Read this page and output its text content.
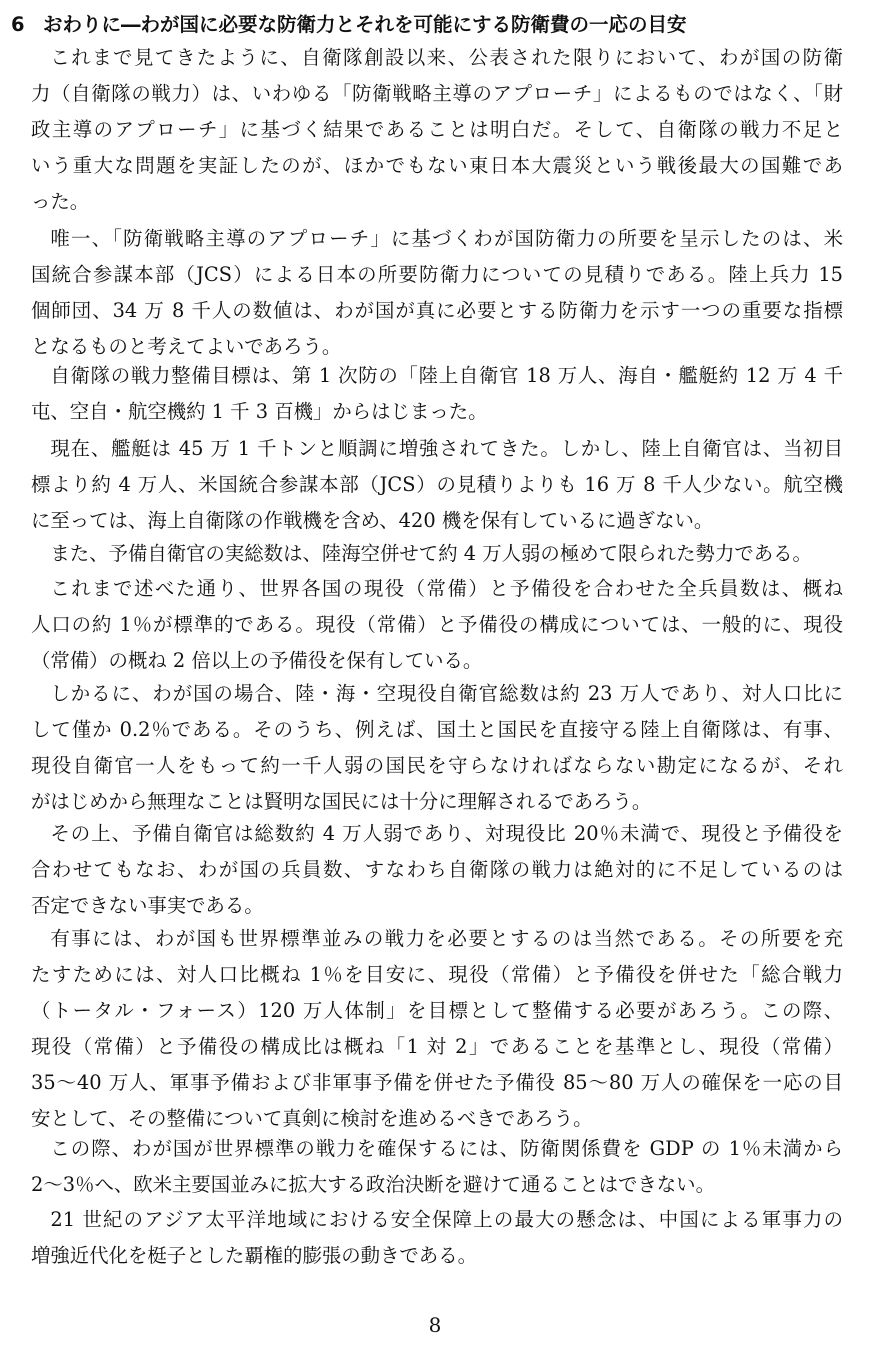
6 おわりに―わが国に必要な防衛力とそれを可能にする防衛費の一応の目安
これまで見てきたように、自衛隊創設以来、公表された限りにおいて、わが国の防衛
力（自衛隊の戦力）は、いわゆる「防衛戦略主導のアプローチ」によるものではなく、「財
政主導のアプローチ」に基づく結果であることは明白だ。そして、自衛隊の戦力不足と
いう重大な問題を実証したのが、ほかでもない東日本大震災という戦後最大の国難であ
った。
唯一、「防衛戦略主導のアプローチ」に基づくわが国防衛力の所要を呈示したのは、米
国統合参謀本部（JCS）による日本の所要防衛力についての見積りである。陸上兵力 15
個師団、34 万 8 千人の数値は、わが国が真に必要とする防衛力を示す一つの重要な指標
となるものと考えてよいであろう。
自衛隊の戦力整備目標は、第 1 次防の「陸上自衛官 18 万人、海自・艦艇約 12 万 4 千
屯、空自・航空機約 1 千 3 百機」からはじまった。
現在、艦艇は 45 万 1 千トンと順調に増強されてきた。しかし、陸上自衛官は、当初目
標より約 4 万人、米国統合参謀本部（JCS）の見積りよりも 16 万 8 千人少ない。航空機
に至っては、海上自衛隊の作戦機を含め、420 機を保有しているに過ぎない。
また、予備自衛官の実総数は、陸海空併せて約 4 万人弱の極めて限られた勢力である。
これまで述べた通り、世界各国の現役（常備）と予備役を合わせた全兵員数は、概ね
人口の約 1％が標準的である。現役（常備）と予備役の構成については、一般的に、現役
（常備）の概ね 2 倍以上の予備役を保有している。
しかるに、わが国の場合、陸・海・空現役自衛官総数は約 23 万人であり、対人口比に
して僅か 0.2％である。そのうち、例えば、国土と国民を直接守る陸上自衛隊は、有事、
現役自衛官一人をもって約一千人弱の国民を守らなければならない勘定になるが、それ
がはじめから無理なことは賢明な国民には十分に理解されるであろう。
その上、予備自衛官は総数約 4 万人弱であり、対現役比 20％未満で、現役と予備役を
合わせてもなお、わが国の兵員数、すなわち自衛隊の戦力は絶対的に不足しているのは
否定できない事実である。
有事には、わが国も世界標準並みの戦力を必要とするのは当然である。その所要を充
たすためには、対人口比概ね 1％を目安に、現役（常備）と予備役を併せた「総合戦力
（トータル・フォース）120 万人体制」を目標として整備する必要があろう。この際、
現役（常備）と予備役の構成比は概ね「1 対 2」であることを基準とし、現役（常備）
35～40 万人、軍事予備および非軍事予備を併せた予備役 85～80 万人の確保を一応の目
安として、その整備について真剣に検討を進めるべきであろう。
この際、わが国が世界標準の戦力を確保するには、防衛関係費を GDP の 1％未満から
2～3％へ、欧米主要国並みに拡大する政治決断を避けて通ることはできない。
21 世紀のアジア太平洋地域における安全保障上の最大の懸念は、中国による軍事力の
増強近代化を梃子とした覇権的膨張の動きである。
8
